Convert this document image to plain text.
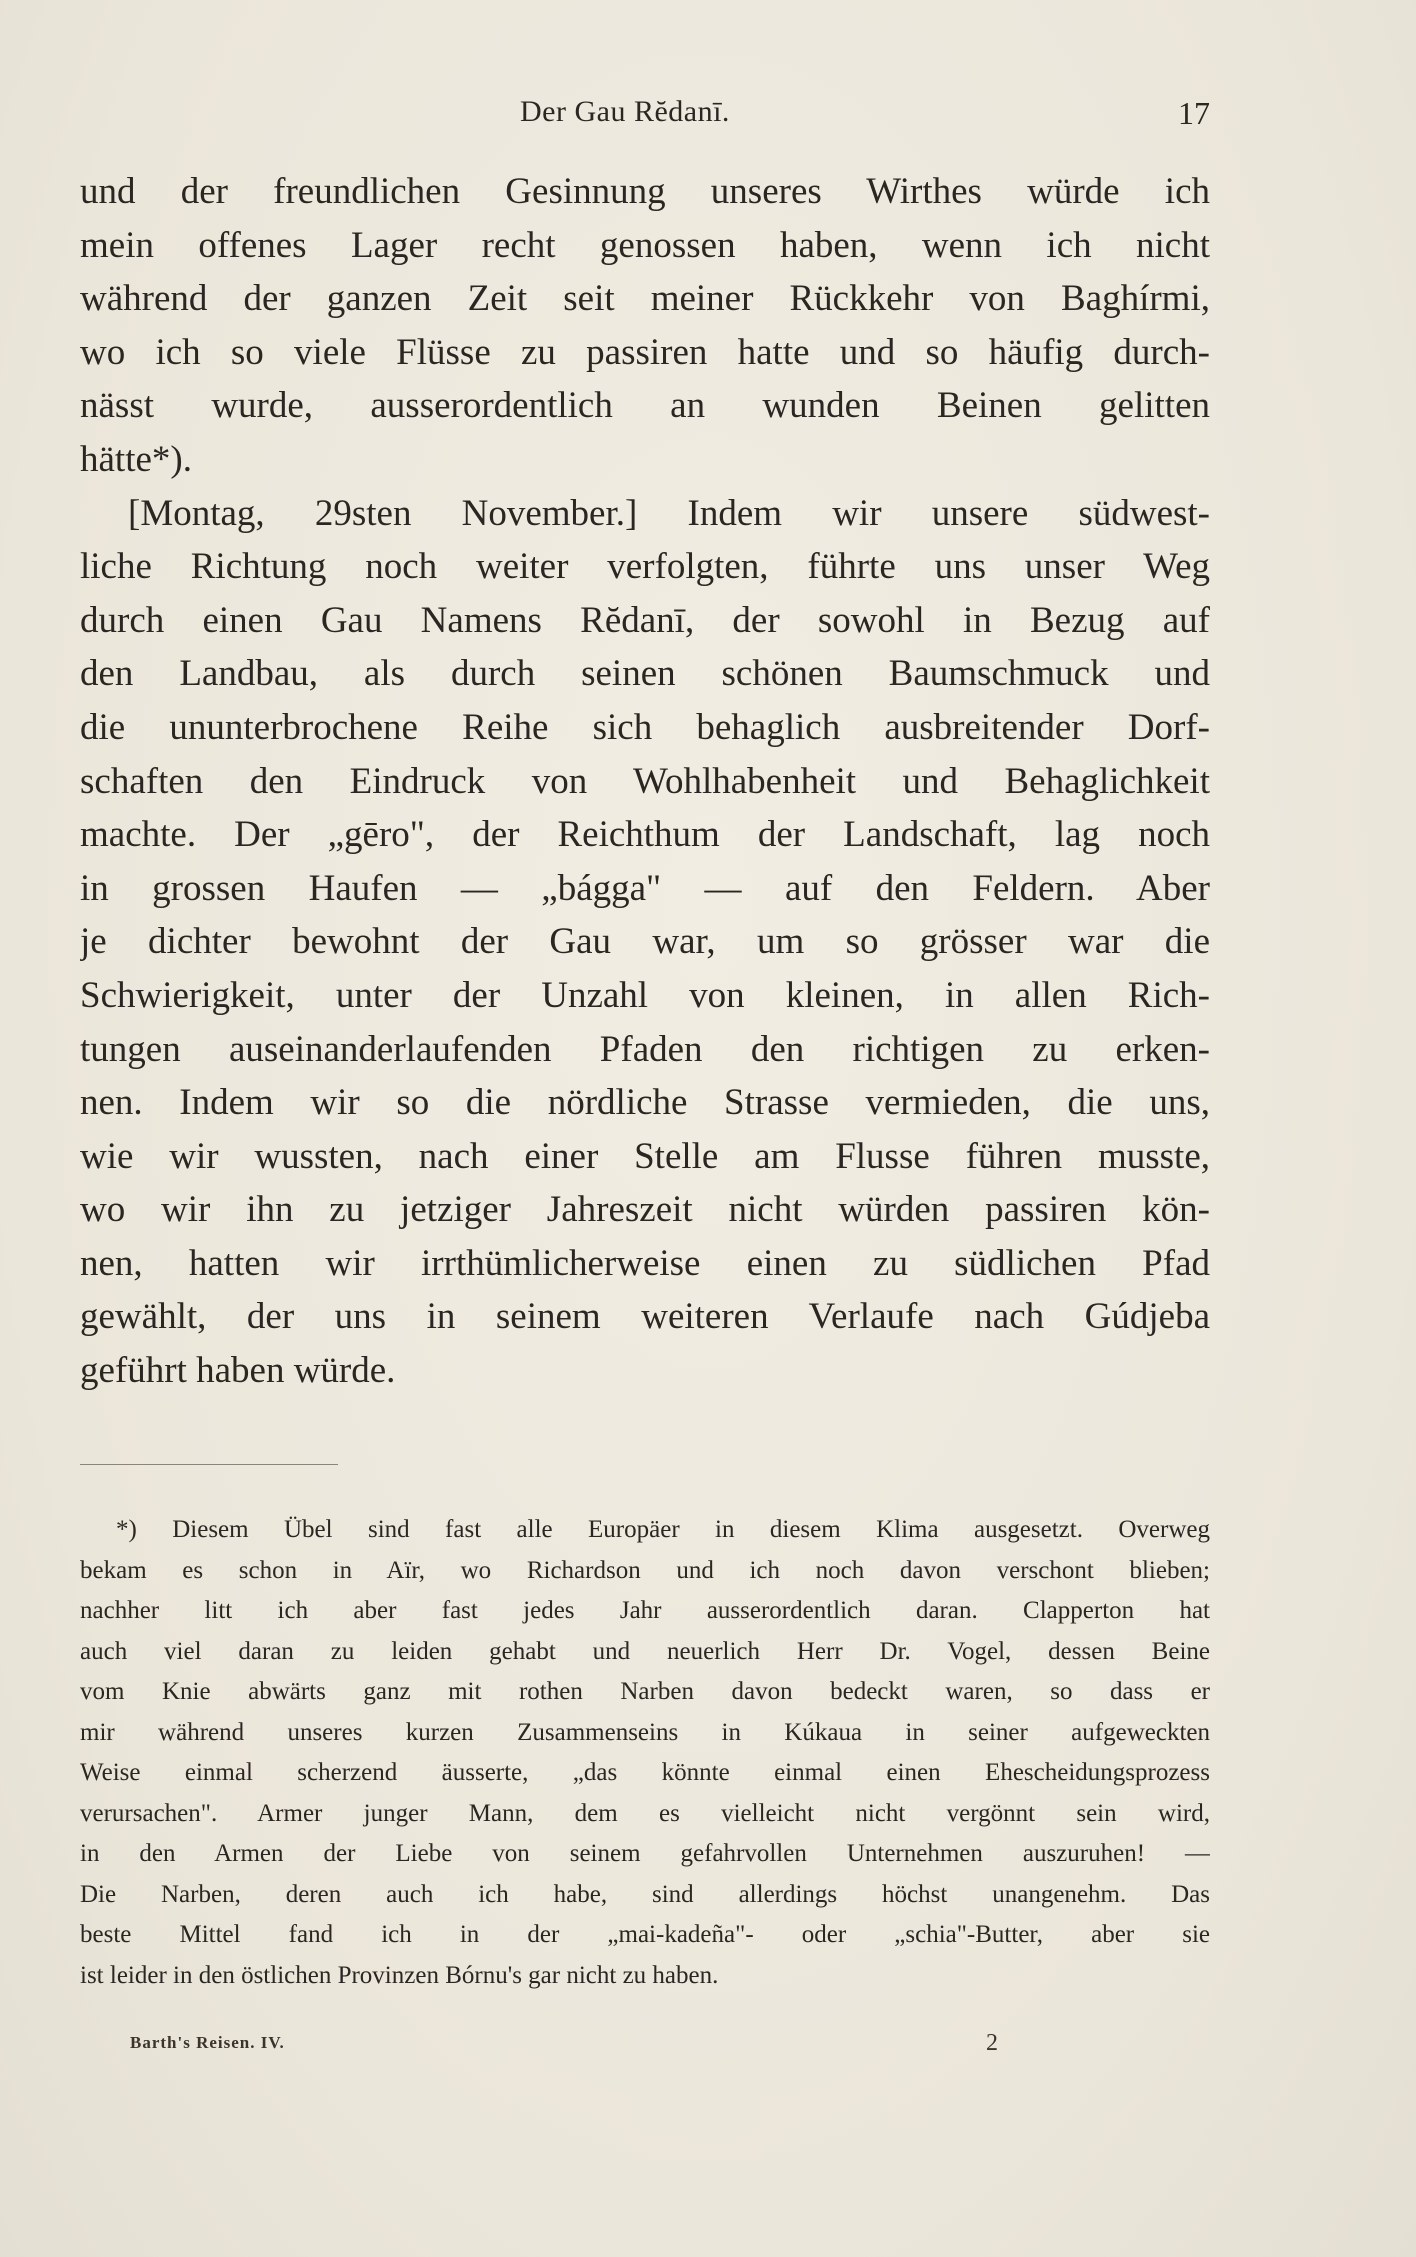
Der Gau Rĕdanī.	17
und der freundlichen Gesinnung unseres Wirthes würde ich
mein offenes Lager recht genossen haben, wenn ich nicht
während der ganzen Zeit seit meiner Rückkehr von Baghírmi,
wo ich so viele Flüsse zu passiren hatte und so häufig durch-
nässt wurde, ausserordentlich an wunden Beinen gelitten
hätte*).
[Montag, 29sten November.] Indem wir unsere südwest-
liche Richtung noch weiter verfolgten, führte uns unser Weg
durch einen Gau Namens Rĕdanī, der sowohl in Bezug auf
den Landbau, als durch seinen schönen Baumschmuck und
die ununterbrochene Reihe sich behaglich ausbreitender Dorf-
schaften den Eindruck von Wohlhabenheit und Behaglichkeit
machte. Der „gēro", der Reichthum der Landschaft, lag noch
in grossen Haufen — „bágga" — auf den Feldern. Aber
je dichter bewohnt der Gau war, um so grösser war die
Schwierigkeit, unter der Unzahl von kleinen, in allen Rich-
tungen auseinanderlaufenden Pfaden den richtigen zu erken-
nen. Indem wir so die nördliche Strasse vermieden, die uns,
wie wir wussten, nach einer Stelle am Flusse führen musste,
wo wir ihn zu jetziger Jahreszeit nicht würden passiren kön-
nen, hatten wir irrthümlicherweise einen zu südlichen Pfad
gewählt, der uns in seinem weiteren Verlaufe nach Gúdjeba
geführt haben würde.
*) Diesem Übel sind fast alle Europäer in diesem Klima ausgesetzt. Overweg
bekam es schon in Aïr, wo Richardson und ich noch davon verschont blieben;
nachher litt ich aber fast jedes Jahr ausserordentlich daran. Clapperton hat
auch viel daran zu leiden gehabt und neuerlich Herr Dr. Vogel, dessen Beine
vom Knie abwärts ganz mit rothen Narben davon bedeckt waren, so dass er
mir während unseres kurzen Zusammenseins in Kúkaua in seiner aufgeweckten
Weise einmal scherzend äusserte, „das könnte einmal einen Ehescheidungsprozess
verursachen". Armer junger Mann, dem es vielleicht nicht vergönnt sein wird,
in den Armen der Liebe von seinem gefahrvollen Unternehmen auszuruhen! —
Die Narben, deren auch ich habe, sind allerdings höchst unangenehm. Das
beste Mittel fand ich in der „mai-kadeña"- oder „schia"-Butter, aber sie
ist leider in den östlichen Provinzen Bórnu's gar nicht zu haben.
Barth's Reisen. IV.	2
